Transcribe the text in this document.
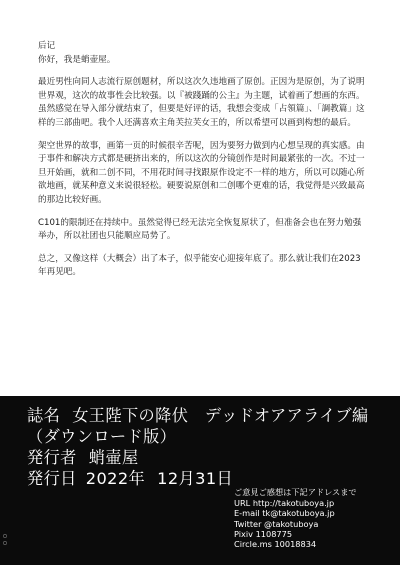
后记

你好，我是蛸壶屋。

最近男性向同人志流行原创题材，所以这次久违地画了原创。正因为是原创，为了说明世界观，这次的故事性会比较强。以『被踐踊的公主』为主题，试着画了想画的东西。虽然感觉在导入部分就结束了，但要是好评的话，我想会变成「占領篇」、「調教篇」这样的三部曲吧。我个人还满喜欢主角芙拉芙女王的，所以希望可以画到构想的最后。

架空世界的故事，画第一页的时候很辛苦呢，因为要努力做到内心想呈现的真实感。由于事件和解决方式都是硬挤出来的，所以这次的分镜创作是时间最紧张的一次。不过一旦开始画，就和二创不同，不用花时间寻找跟原作设定不一样的地方，所以可以随心所欲地画，就某种意义来说很轻松。硬要说原创和二创哪个更难的话，我觉得是兴致最高的那边比较好画。

C101的限制还在持续中。虽然觉得已经无法完全恢复原状了，但准备会也在努力勉强举办，所以社团也只能顺应局势了。

总之，又像这样（大概会）出了本子，似乎能安心迎接年底了。那么就让我们在2023年再见吧。

誌名 女王陛下の降伏　デッドオアアライブ編
（ダウンロード版）
発行者 蛸壷屋
発行日 2022年 12月31日
ご意見ご感想は下記アドレスまで
URL http://takotuboya.jp
E-mail tk@takotuboya.jp
Twitter @takotuboya
Pixiv 1108775
Circle.ms 10018834
